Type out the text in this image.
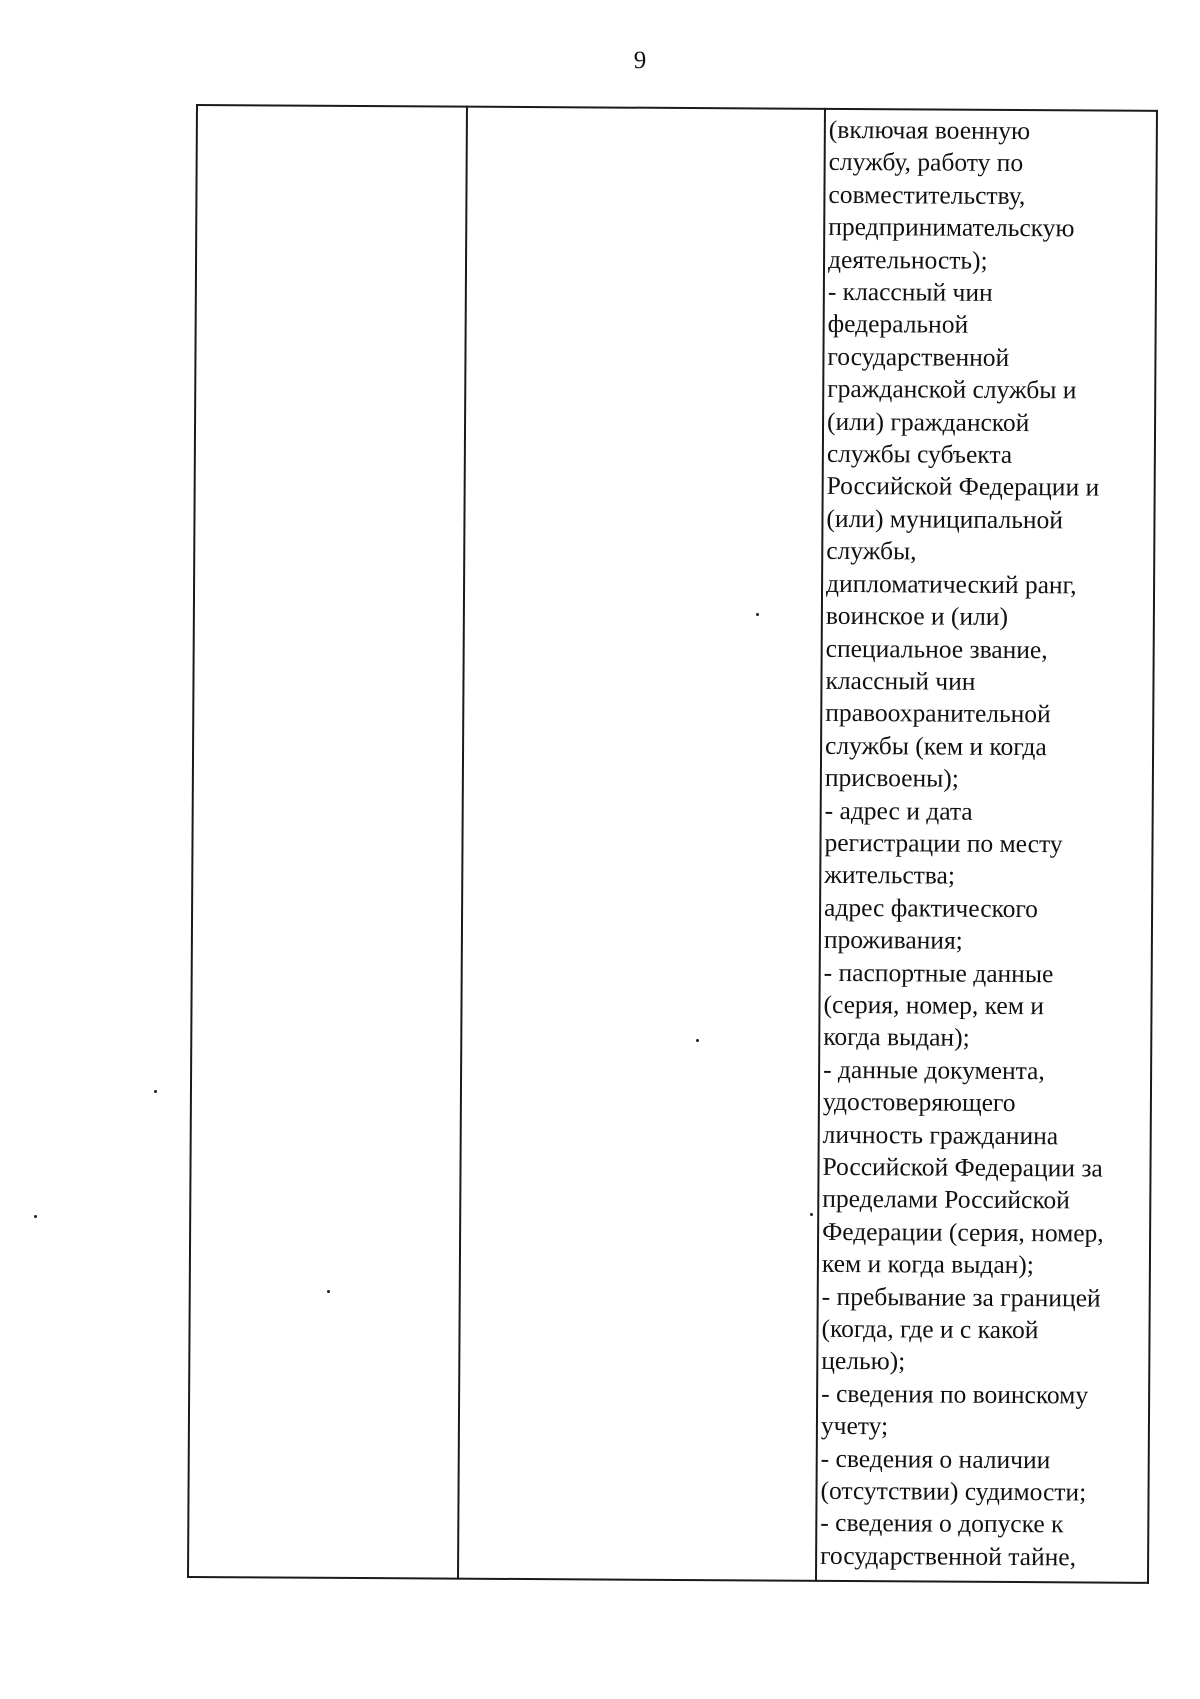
9
(включая военную
службу, работу по
совместительству,
предпринимательскую
деятельность);
- классный чин
федеральной
государственной
гражданской службы и
(или) гражданской
службы субъекта
Российской Федерации и
(или) муниципальной
службы,
дипломатический ранг,
воинское и (или)
специальное звание,
классный чин
правоохранительной
службы (кем и когда
присвоены);
- адрес и дата
регистрации по месту
жительства;
адрес фактического
проживания;
- паспортные данные
(серия, номер, кем и
когда выдан);
- данные документа,
удостоверяющего
личность гражданина
Российской Федерации за
пределами Российской
Федерации (серия, номер,
кем и когда выдан);
- пребывание за границей
(когда, где и с какой
целью);
- сведения по воинскому
учету;
- сведения о наличии
(отсутствии) судимости;
- сведения о допуске к
государственной тайне,
